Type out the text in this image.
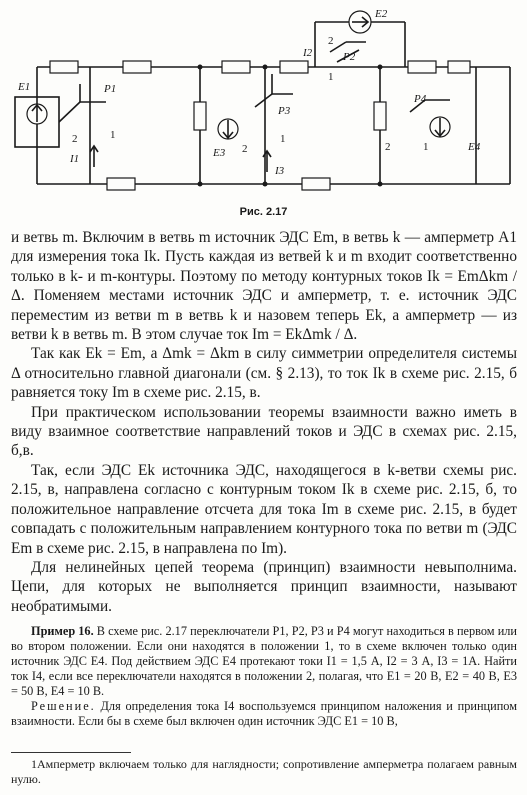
E2
P2
2
1
I2
E1	P1
2	1
I1	E3
P3
2
1
I3
E4
P4
2	1
Рис. 2.17

и ветвь m. Включим в ветвь m источник ЭДС Em, в ветвь k — амперметр A1 для измерения тока Ik. Пусть каждая из ветвей k и m входит соответственно только в k- и m-контуры. Поэтому по методу контурных токов Ik = EmΔkm / Δ. Поменяем местами источник ЭДС и амперметр, т. е. источник ЭДС переместим из ветви m в ветвь k и назовем теперь Ek, а амперметр — из ветви k в ветвь m. В этом случае ток Im = EkΔmk / Δ.

Так как Ek = Em, а Δmk = Δkm в силу симметрии определителя системы Δ относительно главной диагонали (см. § 2.13), то ток Ik в схеме рис. 2.15, б равняется току Im в схеме рис. 2.15, в.

При практическом использовании теоремы взаимности важно иметь в виду взаимное соответствие направлений токов и ЭДС в схемах рис. 2.15, б,в.

Так, если ЭДС Ek источника ЭДС, находящегося в k-ветви схемы рис. 2.15, в, направлена согласно с контурным током Ik в схеме рис. 2.15, б, то положительное направление отсчета для тока Im в схеме рис. 2.15, в будет совпадать с положительным направлением контурного тока по ветви m (ЭДС Em в схеме рис. 2.15, в направлена по Im).

Для нелинейных цепей теорема (принцип) взаимности невыполнима. Цепи, для которых не выполняется принцип взаимности, называют необратимыми.

Пример 16. В схеме рис. 2.17 переключатели P1, P2, P3 и P4 могут находиться в первом или во втором положении. Если они находятся в положении 1, то в схеме включен только один источник ЭДС E4. Под действием ЭДС E4 протекают токи I1 = 1,5 А, I2 = 3 А, I3 = 1А. Найти ток I4, если все переключатели находятся в положении 2, полагая, что E1 = 20 В, E2 = 40 В, E3 = 50 В, E4 = 10 В.

Решение. Для определения тока I4 воспользуемся принципом наложения и принципом взаимности. Если бы в схеме был включен один источник ЭДС E1 = 10 В,

1Амперметр включаем только для наглядности; сопротивление амперметра полагаем равным нулю.
